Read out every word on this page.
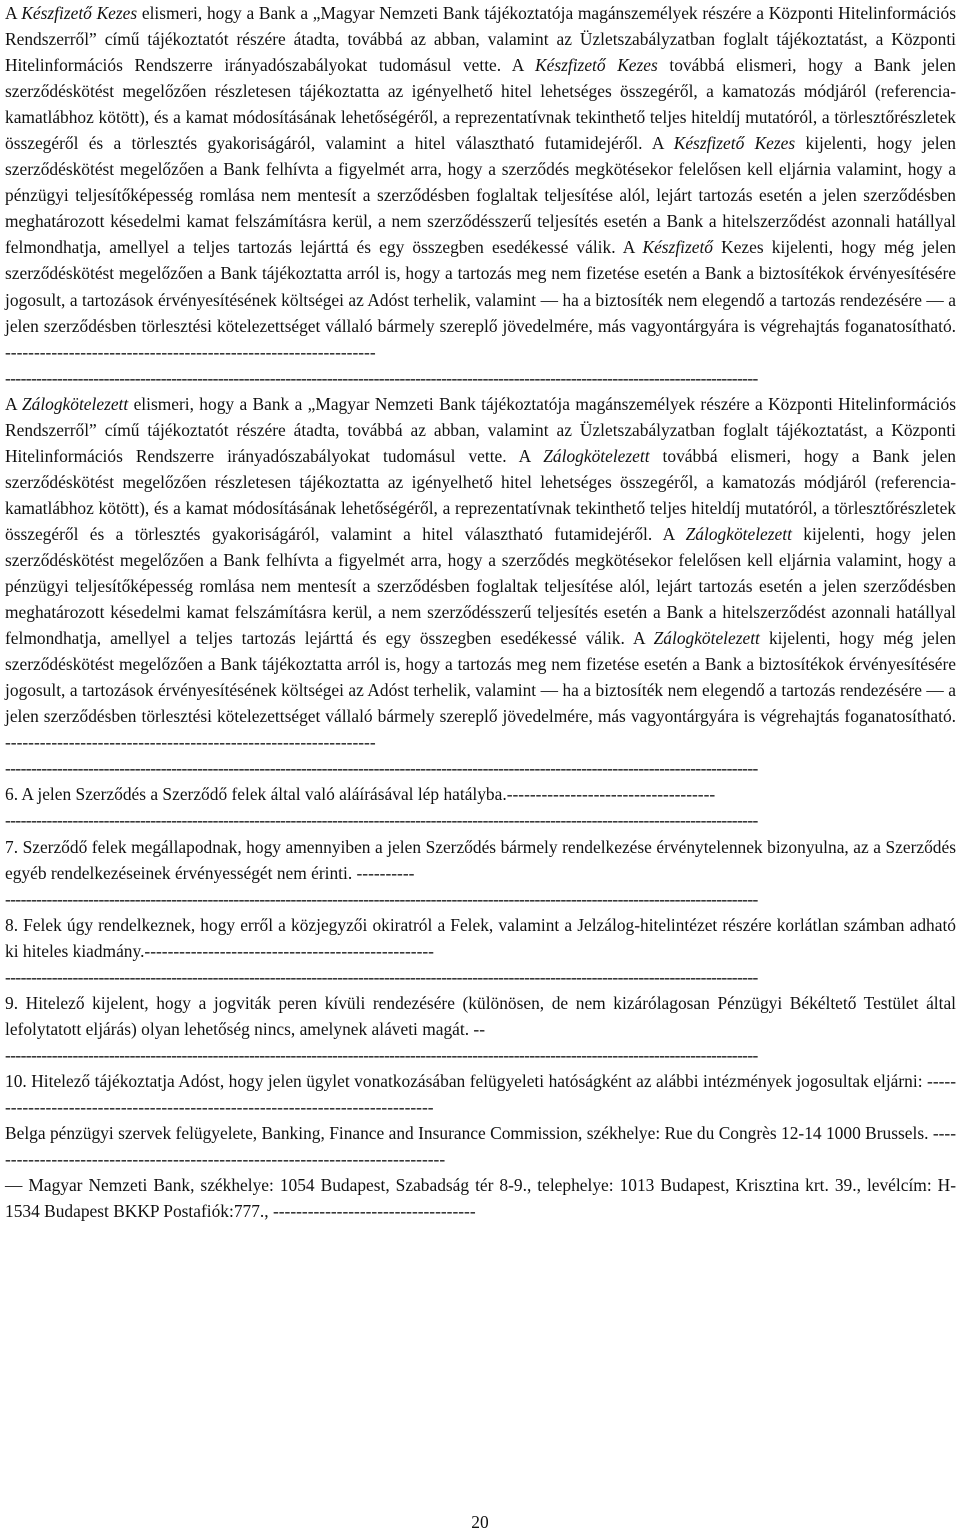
A Készfizető Kezes elismeri, hogy a Bank a „Magyar Nemzeti Bank tájékoztatója magánszemélyek részére a Központi Hitelinformációs Rendszerről” című tájékoztatót részére átadta, továbbá az abban, valamint az Üzletszabályzatban foglalt tájékoztatást, a Központi Hitelinformációs Rendszerre irányadószabályokat tudomásul vette. A Készfizető Kezes továbbá elismeri, hogy a Bank jelen szerződéskötést megelőzően részletesen tájékoztatta az igényelhető hitel lehetséges összegéről, a kamatozás módjáról (referencia-kamatlábhoz kötött), és a kamat módosításának lehetőségéről, a reprezentatívnak tekinthető teljes hiteldíj mutatóról, a törlesztőrészletek összegéről és a törlesztés gyakoriságáról, valamint a hitel választható futamidejéről. A Készfizető Kezes kijelenti, hogy jelen szerződéskötést megelőzően a Bank felhívta a figyelmét arra, hogy a szerződés megkötésekor felelősen kell eljárnia valamint, hogy a pénzügyi teljesítőképesség romlása nem mentesít a szerződésben foglaltak teljesítése alól, lejárt tartozás esetén a jelen szerződésben meghatározott késedelmi kamat felszámításra kerül, a nem szerződésszerű teljesítés esetén a Bank a hitelszerződést azonnali hatállyal felmondhatja, amellyel a teljes tartozás lejárttá és egy összegben esedékessé válik. A Készfizető Kezes kijelenti, hogy még jelen szerződéskötést megelőzően a Bank tájékoztatta arról is, hogy a tartozás meg nem fizetése esetén a Bank a biztosítékok érvényesítésére jogosult, a tartozások érvényesítésének költségei az Adóst terhelik, valamint ― ha a biztosíték nem elegendő a tartozás rendezésére ― a jelen szerződésben törlesztési kötelezettséget vállaló bármely szereplő jövedelmére, más vagyontárgyára is végrehajtás foganatosítható. ----------------------------------------------------------------

-------------------------------------------------------------------------------------------------------------------------------------------------

A Zálogkötelezett elismeri, hogy a Bank a „Magyar Nemzeti Bank tájékoztatója magánszemélyek részére a Központi Hitelinformációs Rendszerről” című tájékoztatót részére átadta, továbbá az abban, valamint az Üzletszabályzatban foglalt tájékoztatást, a Központi Hitelinformációs Rendszerre irányadószabályokat tudomásul vette. A Zálogkötelezett továbbá elismeri, hogy a Bank jelen szerződéskötést megelőzően részletesen tájékoztatta az igényelhető hitel lehetséges összegéről, a kamatozás módjáról (referencia-kamatlábhoz kötött), és a kamat módosításának lehetőségéről, a reprezentatívnak tekinthető teljes hiteldíj mutatóról, a törlesztőrészletek összegéről és a törlesztés gyakoriságáról, valamint a hitel választható futamidejéről. A Zálogkötelezett kijelenti, hogy jelen szerződéskötést megelőzően a Bank felhívta a figyelmét arra, hogy a szerződés megkötésekor felelősen kell eljárnia valamint, hogy a pénzügyi teljesítőképesség romlása nem mentesít a szerződésben foglaltak teljesítése alól, lejárt tartozás esetén a jelen szerződésben meghatározott késedelmi kamat felszámításra kerül, a nem szerződésszerű teljesítés esetén a Bank a hitelszerződést azonnali hatállyal felmondhatja, amellyel a teljes tartozás lejárttá és egy összegben esedékessé válik. A Zálogkötelezett kijelenti, hogy még jelen szerződéskötést megelőzően a Bank tájékoztatta arról is, hogy a tartozás meg nem fizetése esetén a Bank a biztosítékok érvényesítésére jogosult, a tartozások érvényesítésének költségei az Adóst terhelik, valamint ― ha a biztosíték nem elegendő a tartozás rendezésére ― a jelen szerződésben törlesztési kötelezettséget vállaló bármely szereplő jövedelmére, más vagyontárgyára is végrehajtás foganatosítható. ----------------------------------------------------------------

-------------------------------------------------------------------------------------------------------------------------------------------------

6. A jelen Szerződés a Szerződő felek által való aláírásával lép hatályba.------------------------------------

-------------------------------------------------------------------------------------------------------------------------------------------------

7. Szerződő felek megállapodnak, hogy amennyiben a jelen Szerződés bármely rendelkezése érvénytelennek bizonyulna, az a Szerződés egyéb rendelkezéseinek érvényességét nem érinti. ----------

-------------------------------------------------------------------------------------------------------------------------------------------------

8. Felek úgy rendelkeznek, hogy erről a közjegyzői okiratról a Felek, valamint a Jelzálog-hitelintézet részére korlátlan számban adható ki hiteles kiadmány.--------------------------------------------------

-------------------------------------------------------------------------------------------------------------------------------------------------

9. Hitelező kijelent, hogy a jogviták peren kívüli rendezésére (különösen, de nem kizárólagosan Pénzügyi Békéltető Testület által lefolytatott eljárás) olyan lehetőség nincs, amelynek aláveti magát. --

-------------------------------------------------------------------------------------------------------------------------------------------------

10. Hitelező tájékoztatja Adóst, hogy jelen ügylet vonatkozásában felügyeleti hatóságként az alábbi intézmények jogosultak eljárni: -------------------------------------------------------------------------------

Belga pénzügyi szervek felügyelete, Banking, Finance and Insurance Commission, székhelye: Rue du Congrès 12-14 1000 Brussels. --------------------------------------------------------------------------------

― Magyar Nemzeti Bank, székhelye: 1054 Budapest, Szabadság tér 8-9., telephelye: 1013 Budapest, Krisztina krt. 39., levélcím: H-1534 Budapest BKKP Postafiók:777., -----------------------------------

20
